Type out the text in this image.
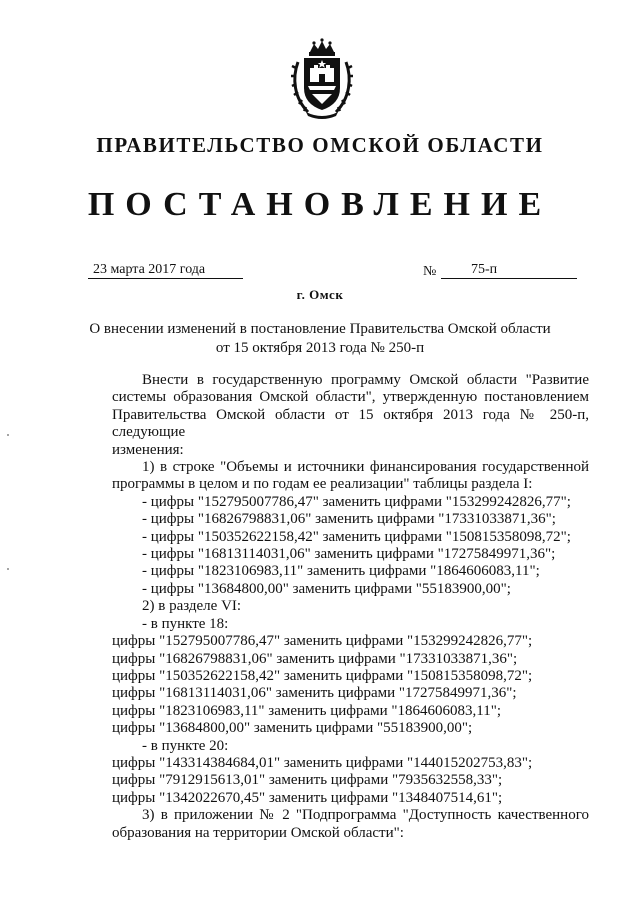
ПРАВИТЕЛЬСТВО ОМСКОЙ ОБЛАСТИ
ПОСТАНОВЛЕНИЕ
23 марта 2017 года	№	75-п
г. Омск
О внесении изменений в постановление Правительства Омской области
от 15 октября 2013 года № 250-п

Внести в государственную программу Омской области "Развитие

системы образования Омской области", утвержденную постановлением

Правительства Омской области от 15 октября 2013 года № 250-п, следующие

изменения:

1) в строке "Объемы и источники финансирования государственной

программы в целом и по годам ее реализации" таблицы раздела I:

- цифры "152795007786,47" заменить цифрами "153299242826,77";

- цифры "16826798831,06" заменить цифрами "17331033871,36";

- цифры "150352622158,42" заменить цифрами "150815358098,72";

- цифры "16813114031,06" заменить цифрами "17275849971,36";

- цифры "1823106983,11" заменить цифрами "1864606083,11";

- цифры "13684800,00" заменить цифрами "55183900,00";

2) в разделе VI:

- в пункте 18:

цифры "152795007786,47" заменить цифрами "153299242826,77";

цифры "16826798831,06" заменить цифрами "17331033871,36";

цифры "150352622158,42" заменить цифрами "150815358098,72";

цифры "16813114031,06" заменить цифрами "17275849971,36";

цифры "1823106983,11" заменить цифрами "1864606083,11";

цифры "13684800,00" заменить цифрами "55183900,00";

- в пункте 20:

цифры "143314384684,01" заменить цифрами "144015202753,83";

цифры "7912915613,01" заменить цифрами "7935632558,33";

цифры "1342022670,45" заменить цифрами "1348407514,61";

3) в приложении № 2 "Подпрограмма "Доступность качественного

образования на территории Омской области":
